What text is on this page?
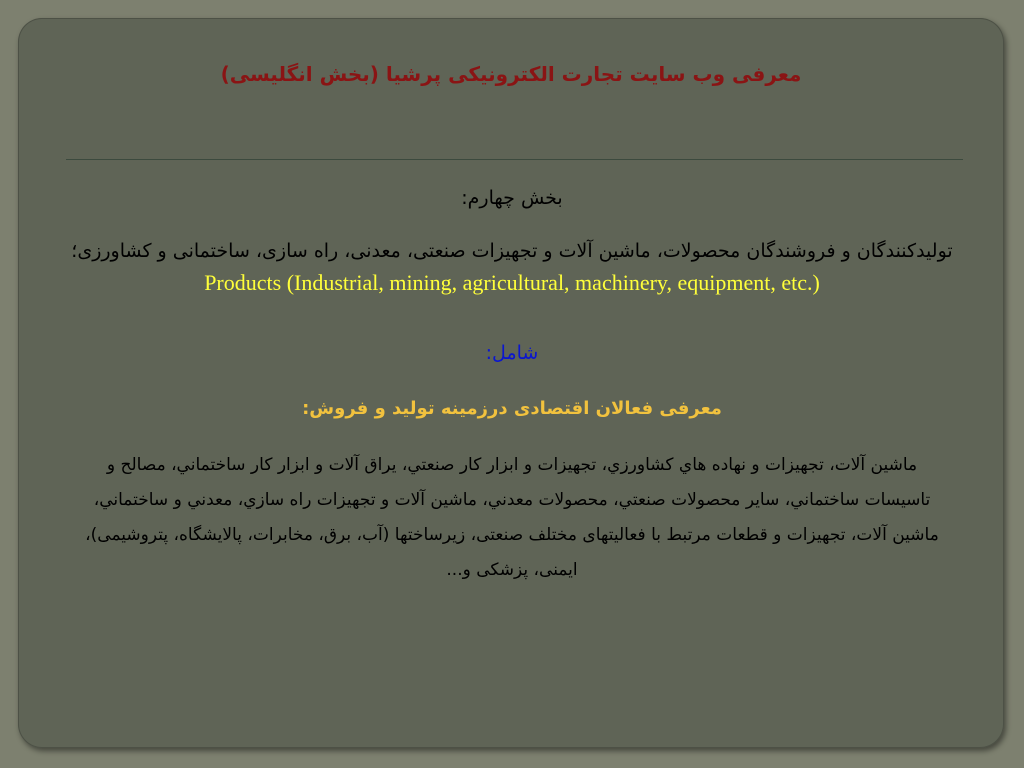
معرفی وب سایت تجارت الکترونیکی پرشیا (بخش انگلیسی)

بخش چهارم:

تولیدکنندگان و فروشندگان محصولات، ماشین آلات و تجهیزات صنعتی، معدنی، راه سازی، ساختمانی و کشاورزی؛

Products (Industrial, mining, agricultural, machinery, equipment, etc.)

شامل:

معرفی فعالان اقتصادی درزمینه تولید و فروش:

ماشین آلات، تجهيزات و نهاده هاي كشاورزي، تجهیزات و ابزار کار صنعتي، يراق آلات و ابزار كار ساختماني، مصالح و تاسيسات ساختماني، ساير محصولات صنعتي، محصولات معدني، ماشين آلات و تجهيزات راه سازي، معدني و ساختماني، ماشين آلات، تجهیزات و قطعات مرتبط با فعالیتهای مختلف صنعتی، زیرساختها (آب، برق، مخابرات، پالایشگاه، پتروشیمی)، ایمنی، پزشکی و...
